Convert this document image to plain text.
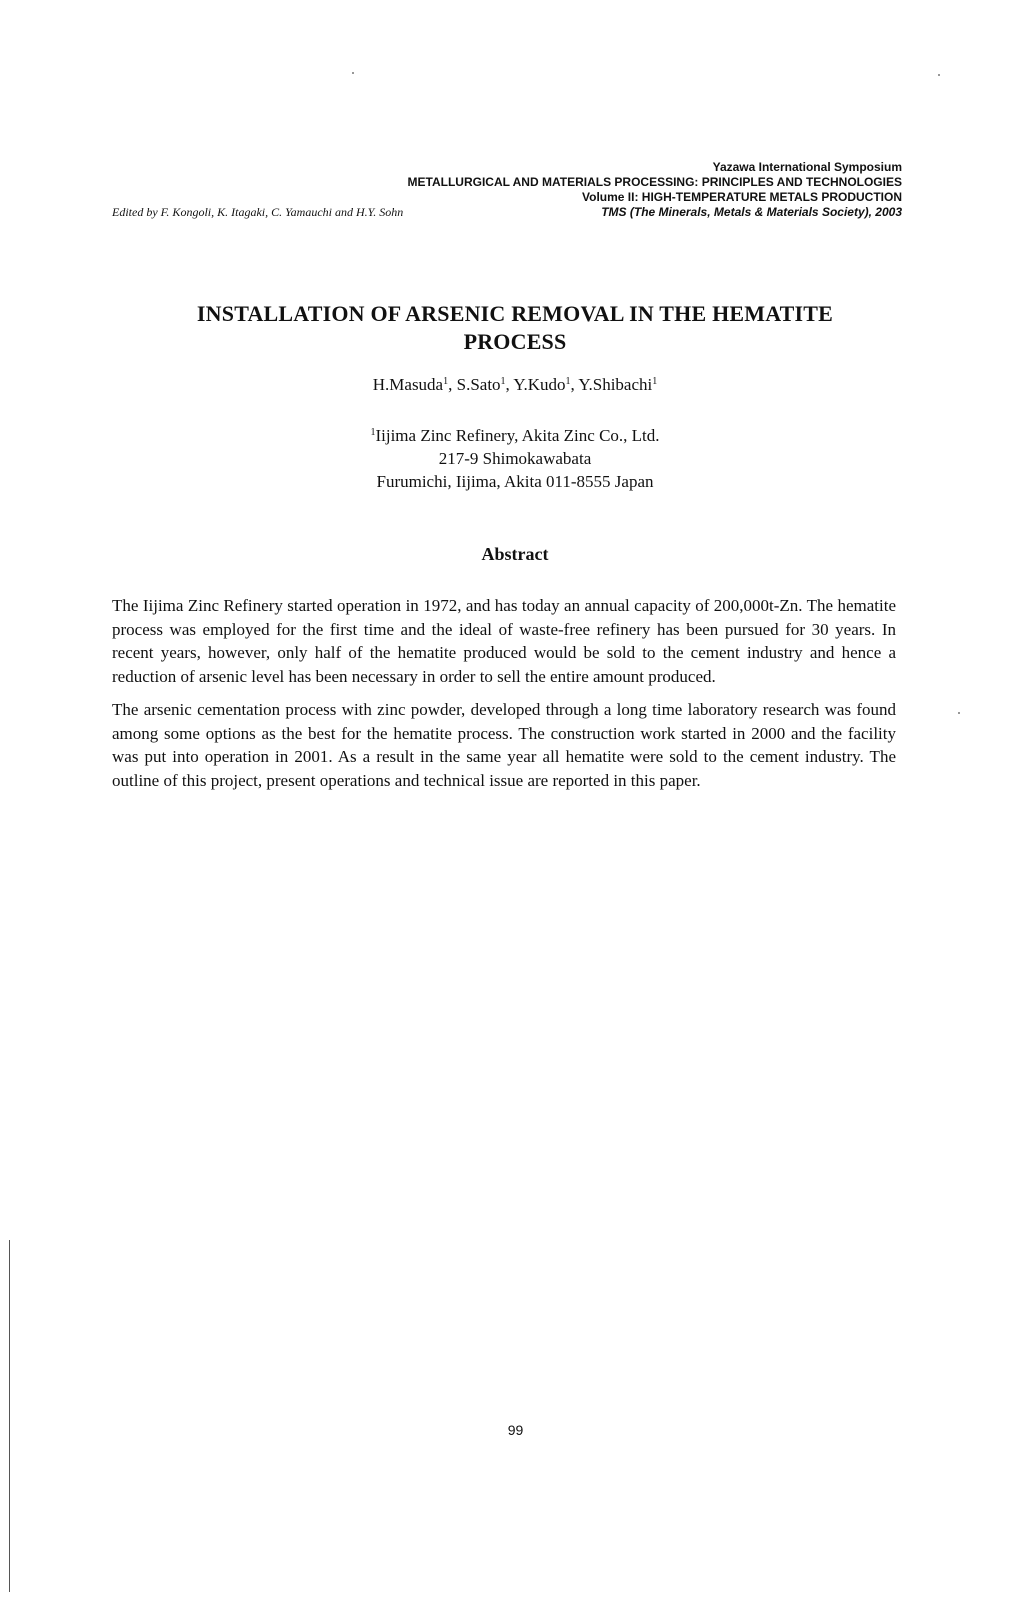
Yazawa International Symposium
METALLURGICAL AND MATERIALS PROCESSING: PRINCIPLES AND TECHNOLOGIES
Volume II: HIGH-TEMPERATURE METALS PRODUCTION
Edited by F. Kongoli, K. Itagaki, C. Yamauchi and H.Y. Sohn	TMS (The Minerals, Metals & Materials Society), 2003
INSTALLATION OF ARSENIC REMOVAL IN THE HEMATITE
PROCESS
H.Masuda$^1$, S.Sato$^1$, Y.Kudo$^1$, Y.Shibachi$^1$
$^1$Iijima Zinc Refinery, Akita Zinc Co., Ltd.
217-9 Shimokawabata
Furumichi, Iijima, Akita 011-8555 Japan
Abstract

The Iijima Zinc Refinery started operation in 1972, and has today an annual capacity of 200,000t-Zn. The hematite process was employed for the first time and the ideal of waste-free refinery has been pursued for 30 years. In recent years, however, only half of the hematite produced would be sold to the cement industry and hence a reduction of arsenic level has been necessary in order to sell the entire amount produced.

The arsenic cementation process with zinc powder, developed through a long time laboratory research was found among some options as the best for the hematite process. The construction work started in 2000 and the facility was put into operation in 2001. As a result in the same year all hematite were sold to the cement industry. The outline of this project, present operations and technical issue are reported in this paper.

99
